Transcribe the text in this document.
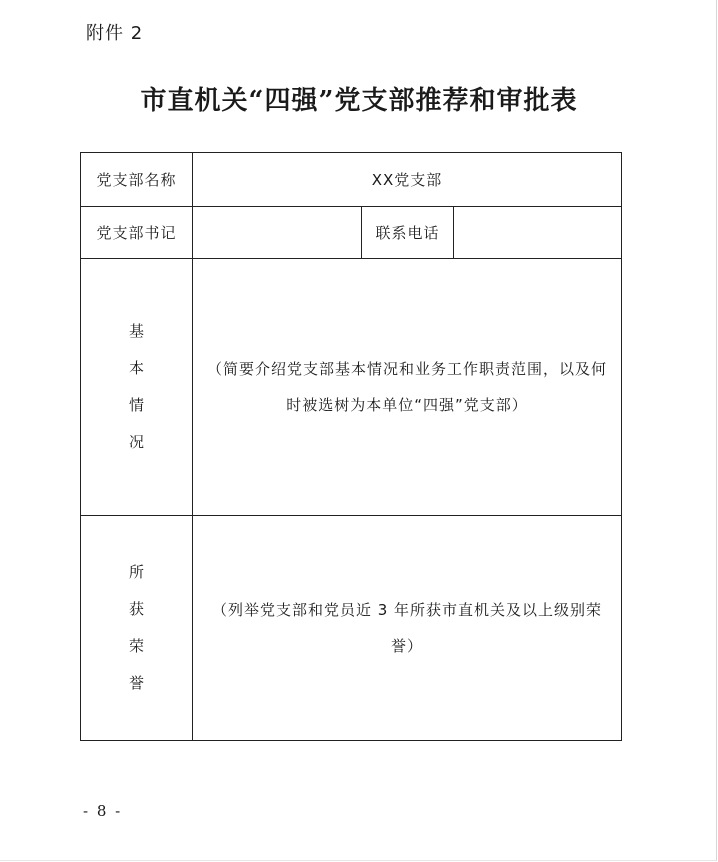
附件 2
市直机关“四强”党支部推荐和审批表
党支部名称	XX党支部		
党支部书记		联系电话	
基本情况	（简要介绍党支部基本情况和业务工作职责范围，以及何时被选树为本单位“四强”党支部）		

所获荣誉	（列举党支部和党员近 3 年所获市直机关及以上级别荣誉）		
- 8 -
